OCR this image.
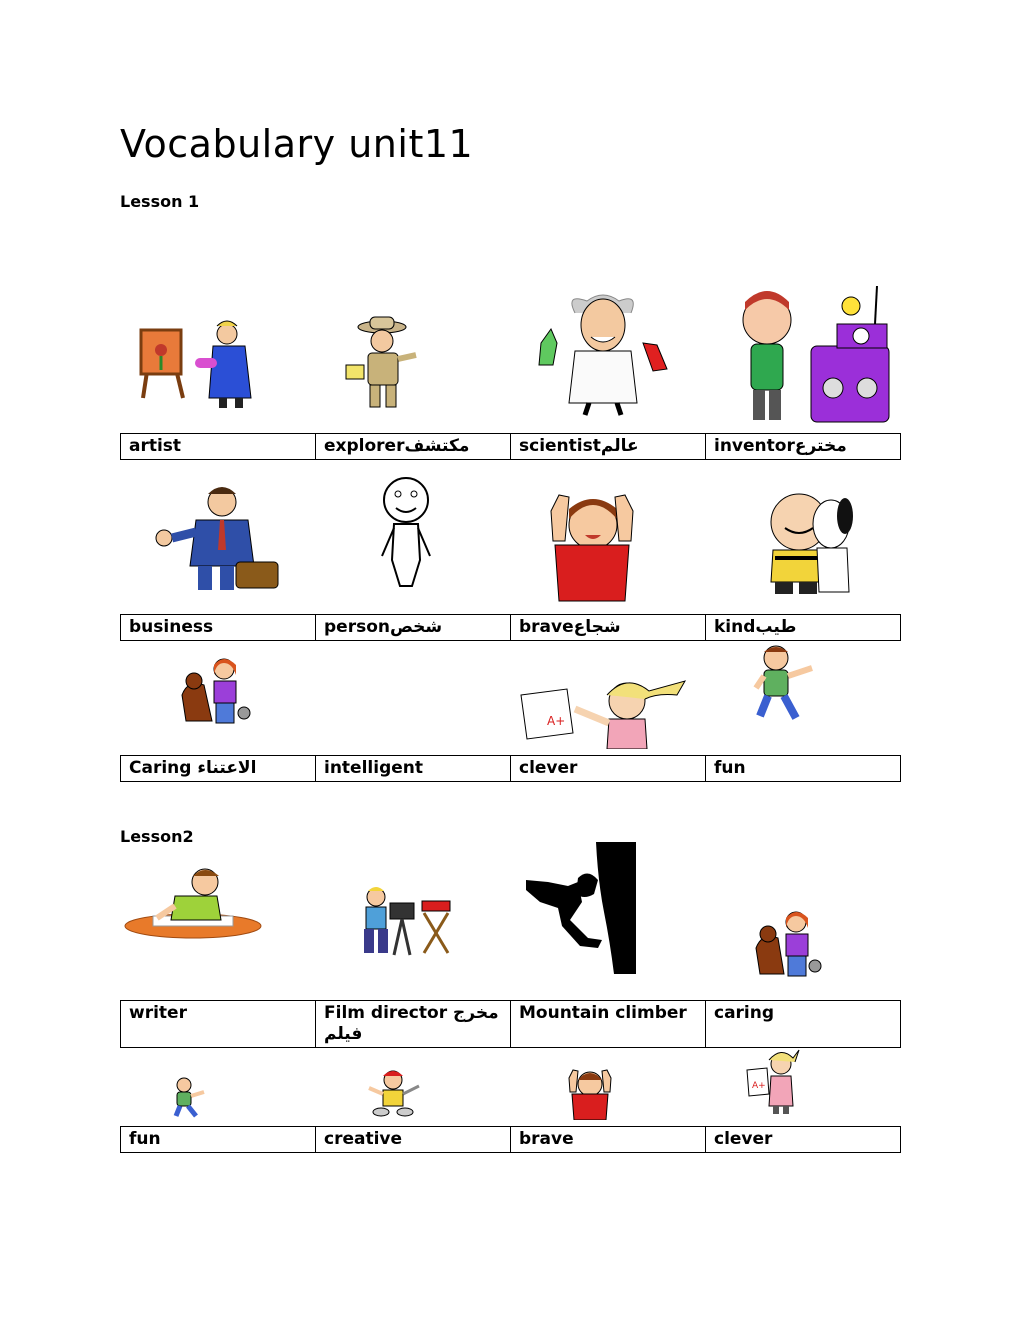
Vocabulary unit11
Lesson 1
artist	explorerمكتشف	scientistعالم	inventorمخترع
business	personشخص	braveشجاع	kindطيب
A+
Caring الاعتناء	intelligent	clever	fun
Lesson2
writer	Film director مخرج فيلم	Mountain climber	caring
A+
fun	creative	brave	clever
